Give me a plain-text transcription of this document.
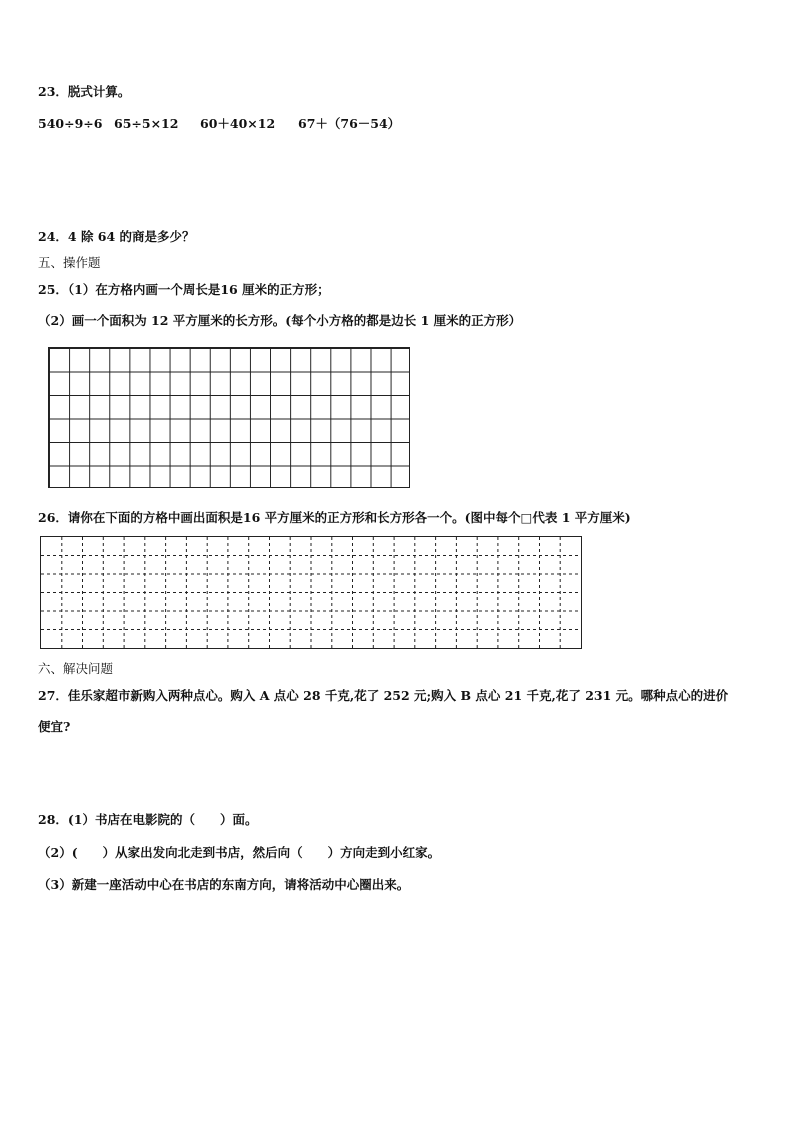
23．脱式计算。
540÷9÷6 65÷5×12 60＋40×12 67＋（76－54）
24．4 除 64 的商是多少？
五、操作题
25．（1）在方格内画一个周长是16 厘米的正方形；
（2）画一个面积为 12 平方厘米的长方形。(每个小方格的都是边长 1 厘米的正方形）
26．请你在下面的方格中画出面积是16 平方厘米的正方形和长方形各一个。(图中每个□代表 1 平方厘米)
六、解决问题
27．佳乐家超市新购入两种点心。购入 A 点心 28 千克,花了 252 元;购入 B 点心 21 千克,花了 231 元。哪种点心的进价
便宜?
28．(1）书店在电影院的（　　）面。
（2）(　　）从家出发向北走到书店，然后向（　　）方向走到小红家。
（3）新建一座活动中心在书店的东南方向，请将活动中心圈出来。
